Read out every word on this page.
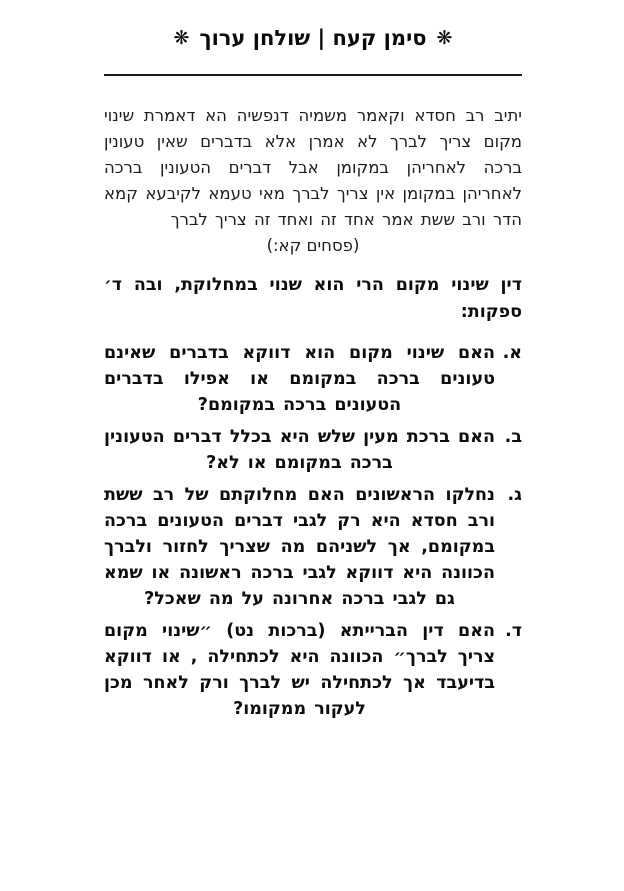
❋סימן קעח | שולחן ערוך❋
יתיב רב חסדא וקאמר משמיה דנפשיה הא דאמרת שינוי מקום צריך לברך לא אמרן אלא בדברים שאין טעונין ברכה לאחריהן במקומן אבל דברים הטעונין ברכה לאחריהן במקומן אין צריך לברך מאי טעמא לקיבעא קמא הדר ורב ששת אמר אחד זה ואחד זה צריך לברך
(פסחים קא:)
דין שינוי מקום הרי הוא שנוי במחלוקת, ובה ד׳ ספקות:
א.
האם שינוי מקום הוא דווקא בדברים שאינם טעונים ברכה במקומם או אפילו בדברים הטעונים ברכה במקומם?
ב.
האם ברכת מעין שלש היא בכלל דברים הטעונין ברכה במקומם או לא?
ג.
נחלקו הראשונים האם מחלוקתם של רב ששת ורב חסדא היא רק לגבי דברים הטעונים ברכה במקומם, אך לשניהם מה שצריך לחזור ולברך הכוונה היא דווקא לגבי ברכה ראשונה או שמא גם לגבי ברכה אחרונה על מה שאכל?
ד.
האם דין הברייתא (ברכות נט) ״שינוי מקום צריך לברך״ הכוונה היא לכתחילה , או דווקא בדיעבד אך לכתחילה יש לברך ורק לאחר מכן לעקור ממקומו?
